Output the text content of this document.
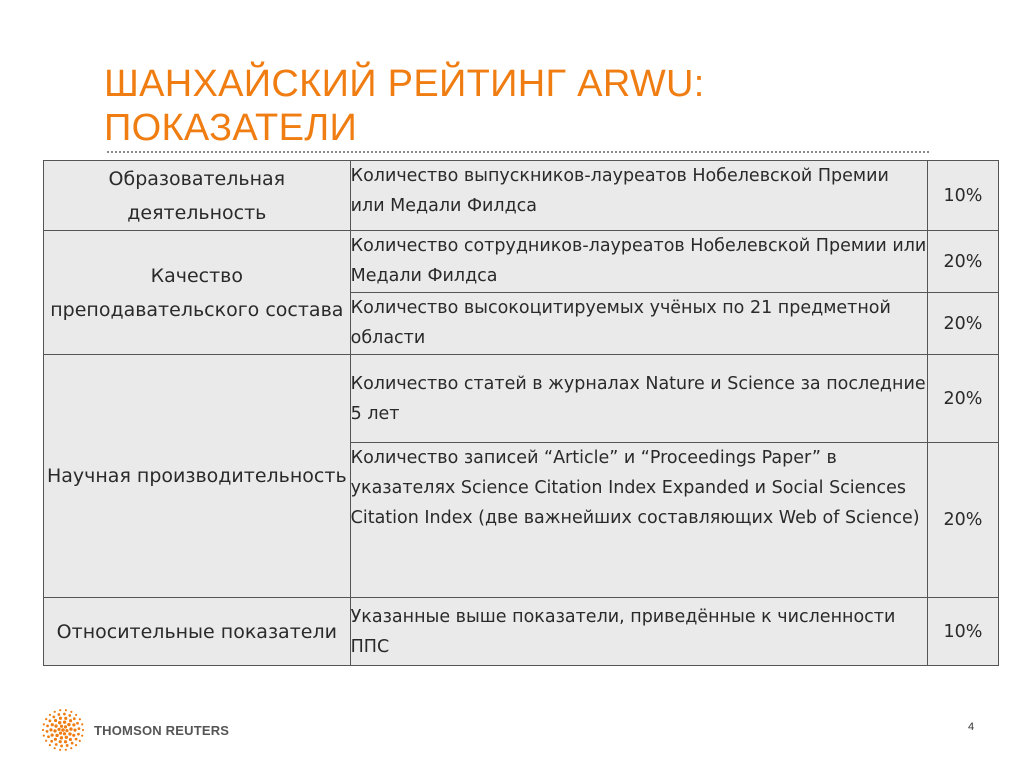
ШАНХАЙСКИЙ РЕЙТИНГ ARWU:
ПОКАЗАТЕЛИ
Образовательная деятельность	Количество выпускников-лауреатов Нобелевской Премии или Медали Филдса	10%
Качество преподавательского состава	Количество сотрудников-лауреатов Нобелевской Премии или Медали Филдса	20%
	Количество высокоцитируемых учёных по 21 предметной области	20%
Научная производительность	Количество статей в журналах Nature и Science за последние 5 лет	20%
	Количество записей “Article” и “Proceedings Paper” в указателях Science Citation Index Expanded и Social Sciences Citation Index (две важнейших составляющих Web of Science)	20%
Относительные показатели	Указанные выше показатели, приведённые к численности ППС	10%
THOMSON REUTERS	4
